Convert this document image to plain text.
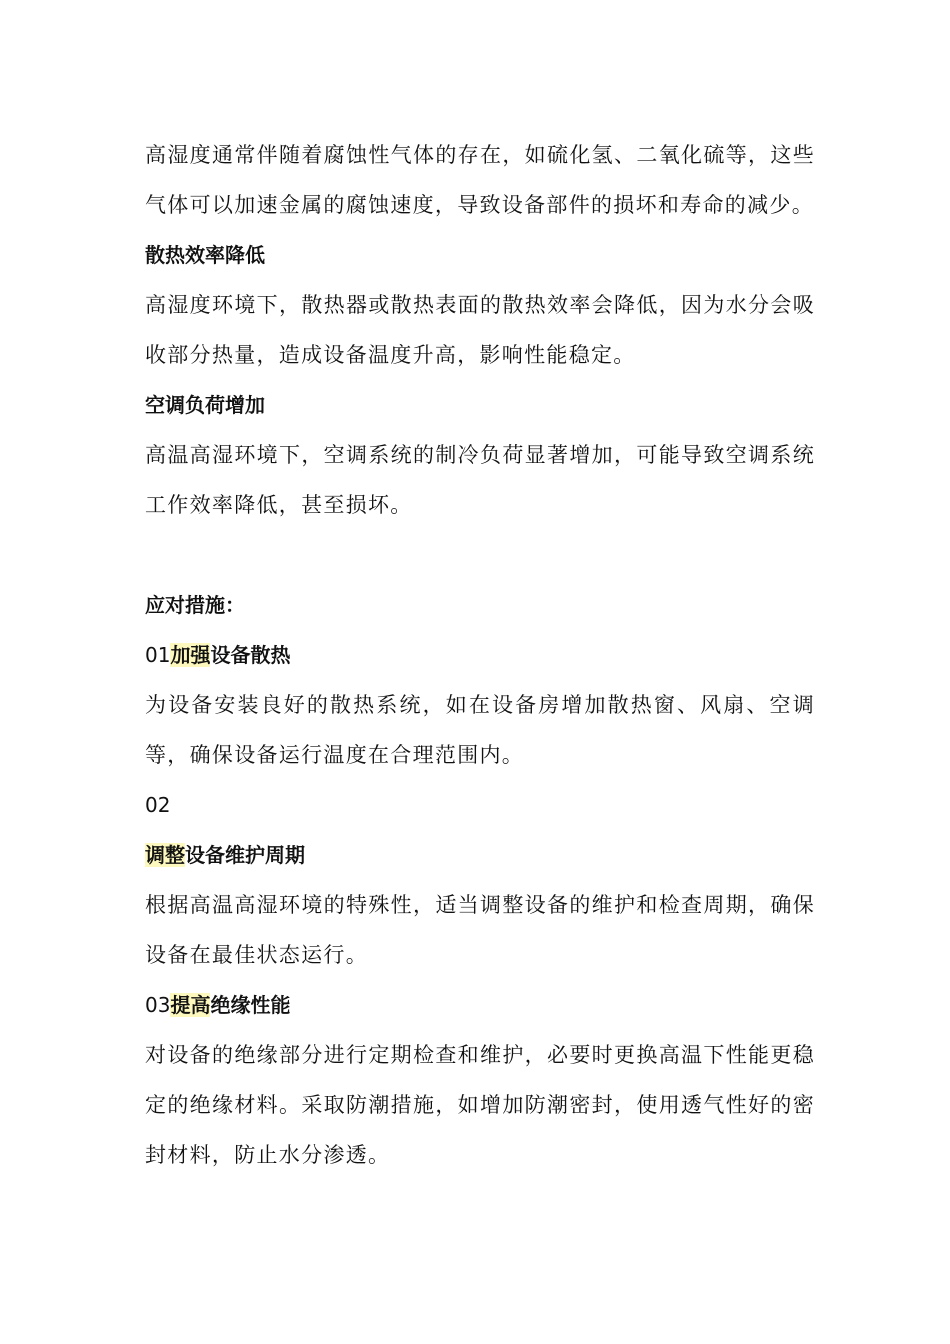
高湿度通常伴随着腐蚀性气体的存在，如硫化氢、二氧化硫等，这些气体可以加速金属的腐蚀速度，导致设备部件的损坏和寿命的减少。

散热效率降低

高湿度环境下，散热器或散热表面的散热效率会降低，因为水分会吸收部分热量，造成设备温度升高，影响性能稳定。

空调负荷增加

高温高湿环境下，空调系统的制冷负荷显著增加，可能导致空调系统工作效率降低，甚至损坏。

应对措施：

01加强设备散热

为设备安装良好的散热系统，如在设备房增加散热窗、风扇、空调等，确保设备运行温度在合理范围内。

02

调整设备维护周期

根据高温高湿环境的特殊性，适当调整设备的维护和检查周期，确保设备在最佳状态运行。

03提高绝缘性能

对设备的绝缘部分进行定期检查和维护，必要时更换高温下性能更稳定的绝缘材料。采取防潮措施，如增加防潮密封，使用透气性好的密封材料，防止水分渗透。
